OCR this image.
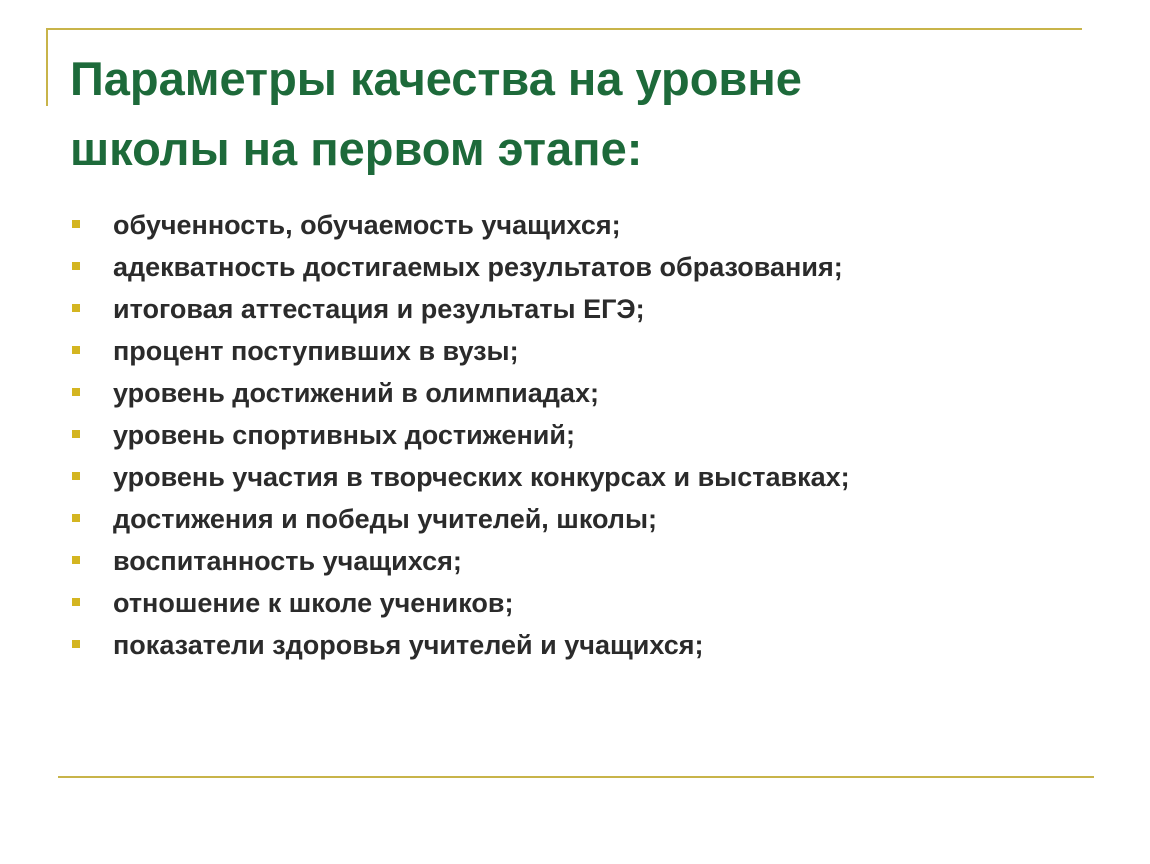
Параметры качества на уровне
школы на первом этапе:
обученность, обучаемость учащихся;
адекватность достигаемых результатов образования;
итоговая аттестация и результаты ЕГЭ;
процент поступивших в вузы;
уровень достижений в олимпиадах;
уровень спортивных достижений;
уровень участия в творческих конкурсах и выставках;
достижения и победы учителей, школы;
воспитанность учащихся;
отношение к школе учеников;
показатели здоровья учителей и учащихся;
